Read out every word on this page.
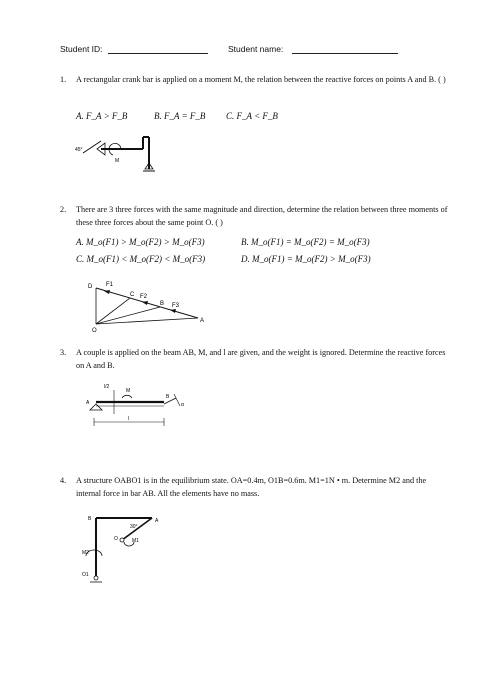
Student ID:	Student name:
1. A rectangular crank bar is applied on a moment M, the relation between the reactive forces on points A and B. ( )
A. F_A > F_B	B. F_A = F_B C. F_A < F_B
M
45°
2. There are 3 three forces with the same magnitude and direction, determine the relation between three moments of these three forces about the same point O. ( )
A. M_o(F1) > M_o(F2) > M_o(F3)	B. M_o(F1) = M_o(F2) = M_o(F3)
C. M_o(F1) < M_o(F2) < M_o(F3)	D. M_o(F1) = M_o(F2) > M_o(F3)
D F1
C F2
B F3
A
O
3. A couple is applied on the beam AB, M, and l are given, and the weight is ignored. Determine the reactive forces on A and B.
l/2
M
A
B
α
l
4. A structure OABO1 is in the equilibrium state. OA=0.4m, O1B=0.6m. M1=1N • m. Determine M2 and the internal force in bar AB. All the elements have no mass.
B	A
30°
O	M1
M2
O1
